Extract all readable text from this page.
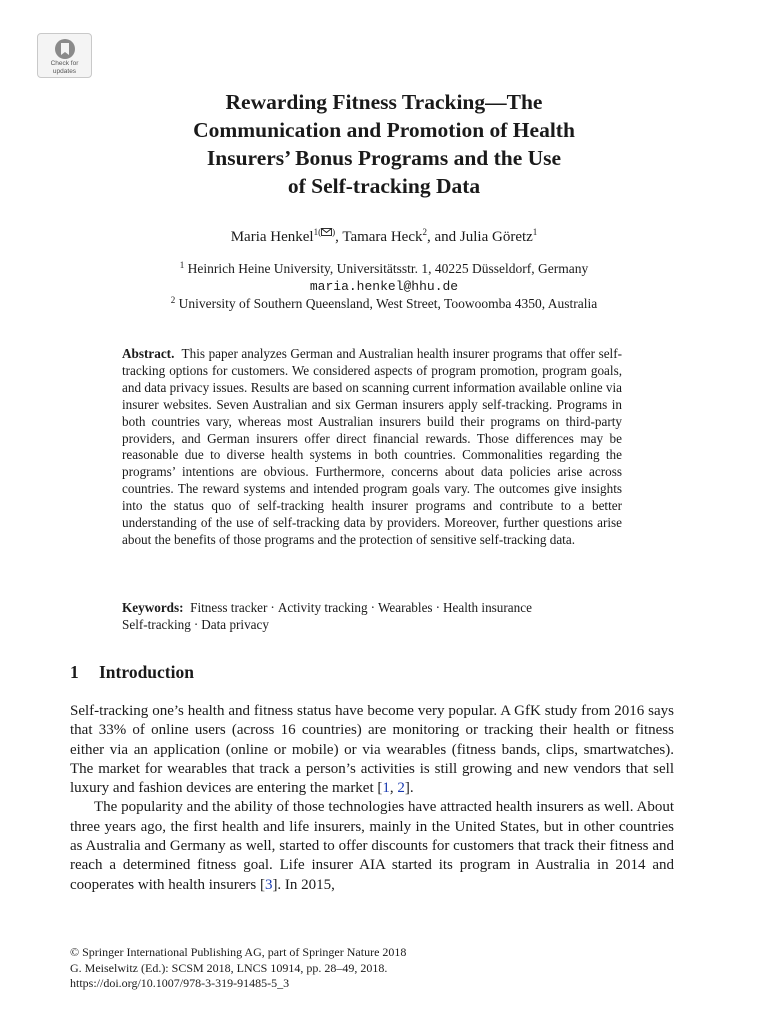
Check for
updates
Rewarding Fitness Tracking—The
Communication and Promotion of Health
Insurers’ Bonus Programs and the Use
of Self-tracking Data
Maria Henkel$^{1( )}$, Tamara Heck$^2$, and Julia Göretz$^1$
$^1$ Heinrich Heine University, Universitätsstr. 1, 40225 Düsseldorf, Germany
maria.henkel@hhu.de
$^2$ University of Southern Queensland, West Street, Toowoomba 4350, Australia
Abstract. This paper analyzes German and Australian health insurer programs that offer self-tracking options for customers. We considered aspects of program promotion, program goals, and data privacy issues. Results are based on scanning current information available online via insurer websites. Seven Australian and six German insurers apply self-tracking. Programs in both countries vary, whereas most Australian insurers build their programs on third-party providers, and German insurers offer direct financial rewards. Those differences may be reasonable due to diverse health systems in both countries. Commonalities regarding the programs’ intentions are obvious. Furthermore, concerns about data policies arise across countries. The reward systems and intended program goals vary. The outcomes give insights into the status quo of self-tracking health insurer programs and contribute to a better understanding of the use of self-tracking data by providers. Moreover, further questions arise about the benefits of those programs and the protection of sensitive self-tracking data.
Keywords: Fitness tracker · Activity tracking · Wearables · Health insurance
Self-tracking · Data privacy
1 Introduction

Self-tracking one’s health and fitness status have become very popular. A GfK study from 2016 says that 33% of online users (across 16 countries) are monitoring or tracking their health or fitness either via an application (online or mobile) or via wearables (fitness bands, clips, smartwatches). The market for wearables that track a person’s activities is still growing and new vendors that sell luxury and fashion devices are entering the market [1, 2].

The popularity and the ability of those technologies have attracted health insurers as well. About three years ago, the first health and life insurers, mainly in the United States, but in other countries as Australia and Germany as well, started to offer discounts for customers that track their fitness and reach a determined fitness goal. Life insurer AIA started its program in Australia in 2014 and cooperates with health insurers [3]. In 2015,

© Springer International Publishing AG, part of Springer Nature 2018
G. Meiselwitz (Ed.): SCSM 2018, LNCS 10914, pp. 28–49, 2018.
https://doi.org/10.1007/978-3-319-91485-5_3
